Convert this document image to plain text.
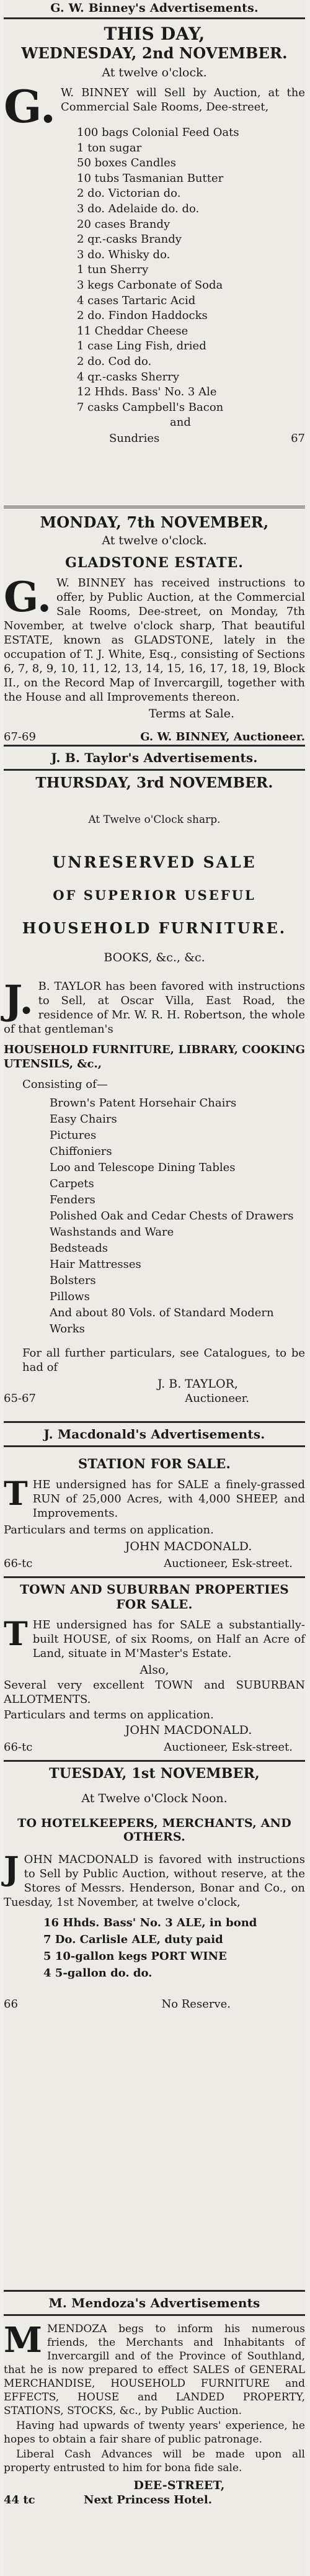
G. W. Binney's Advertisements.

THIS DAY,

WEDNESDAY, 2nd NOVEMBER.

At twelve o'clock.

G. W. BINNEY will Sell by Auction, at the Commercial Sale Rooms, Dee-street,

100 bags Colonial Feed Oats
1 ton sugar
50 boxes Candles
10 tubs Tasmanian Butter
2 do. Victorian do.
3 do. Adelaide do. do.
20 cases Brandy
2 qr.-casks Brandy
3 do. Whisky do.
1 tun Sherry
3 kegs Carbonate of Soda
4 cases Tartaric Acid
2 do. Findon Haddocks
11 Cheddar Cheese
1 case Ling Fish, dried
2 do. Cod do.
4 qr.-casks Sherry
12 Hhds. Bass' No. 3 Ale
7 casks Campbell's Bacon
and
Sundries	67

MONDAY, 7th NOVEMBER,

At twelve o'clock.

GLADSTONE ESTATE.

G. W. BINNEY has received instructions to offer, by Public Auction, at the Commercial Sale Rooms, Dee-street, on Monday, 7th November, at twelve o'clock sharp, That beautiful ESTATE, known as GLADSTONE, lately in the occupation of T. J. White, Esq., consisting of Sections 6, 7, 8, 9, 10, 11, 12, 13, 14, 15, 16, 17, 18, 19, Block II., on the Record Map of Invercargill, together with the House and all Improvements thereon.

Terms at Sale.

67-69	G. W. BINNEY, Auctioneer.

J. B. Taylor's Advertisements.

THURSDAY, 3rd NOVEMBER.

At Twelve o'Clock sharp.

UNRESERVED SALE

OF SUPERIOR USEFUL

HOUSEHOLD FURNITURE.

BOOKS, &c., &c.

J. B. TAYLOR has been favored with instructions to Sell, at Oscar Villa, East Road, the residence of Mr. W. R. H. Robertson, the whole of that gentleman's

HOUSEHOLD FURNITURE, LIBRARY, COOKING UTENSILS, &c.,

Consisting of—

Brown's Patent Horsehair Chairs
Easy Chairs
Pictures
Chiffoniers
Loo and Telescope Dining Tables
Carpets
Fenders
Polished Oak and Cedar Chests of Drawers
Washstands and Ware
Bedsteads
Hair Mattresses
Bolsters
Pillows
And about 80 Vols. of Standard Modern Works

For all further particulars, see Catalogues, to be had of

J. B. TAYLOR,

65-67	Auctioneer.

J. Macdonald's Advertisements.

STATION FOR SALE.

T HE undersigned has for SALE a finely-grassed RUN of 25,000 Acres, with 4,000 SHEEP, and Improvements.

Particulars and terms on application.

JOHN MACDONALD.

66-tc	Auctioneer, Esk-street.

TOWN AND SUBURBAN PROPERTIES

FOR SALE.

T HE undersigned has for SALE a substantially-built HOUSE, of six Rooms, on Half an Acre of Land, situate in M'Master's Estate.

Also,

Several very excellent TOWN and SUBURBAN ALLOTMENTS.

Particulars and terms on application.

JOHN MACDONALD.

66-tc	Auctioneer, Esk-street.

TUESDAY, 1st NOVEMBER,

At Twelve o'Clock Noon.

TO HOTELKEEPERS, MERCHANTS, AND

OTHERS.

J OHN MACDONALD is favored with instructions to Sell by Public Auction, without reserve, at the Stores of Messrs. Henderson, Bonar and Co., on Tuesday, 1st November, at twelve o'clock,

16 Hhds. Bass' No. 3 ALE, in bond
7 Do. Carlisle ALE, duty paid
5 10-gallon kegs PORT WINE
4 5-gallon do. do.
66	No Reserve.

M. Mendoza's Advertisements

M MENDOZA begs to inform his numerous friends, the Merchants and Inhabitants of Invercargill and of the Province of Southland, that he is now prepared to effect SALES of GENERAL MERCHANDISE, HOUSEHOLD FURNITURE and EFFECTS, HOUSE and LANDED PROPERTY, STATIONS, STOCKS, &c., by Public Auction.

Having had upwards of twenty years' experience, he hopes to obtain a fair share of public patronage.

Liberal Cash Advances will be made upon all property entrusted to him for bona fide sale.

DEE-STREET,

44 tc	Next Princess Hotel.
